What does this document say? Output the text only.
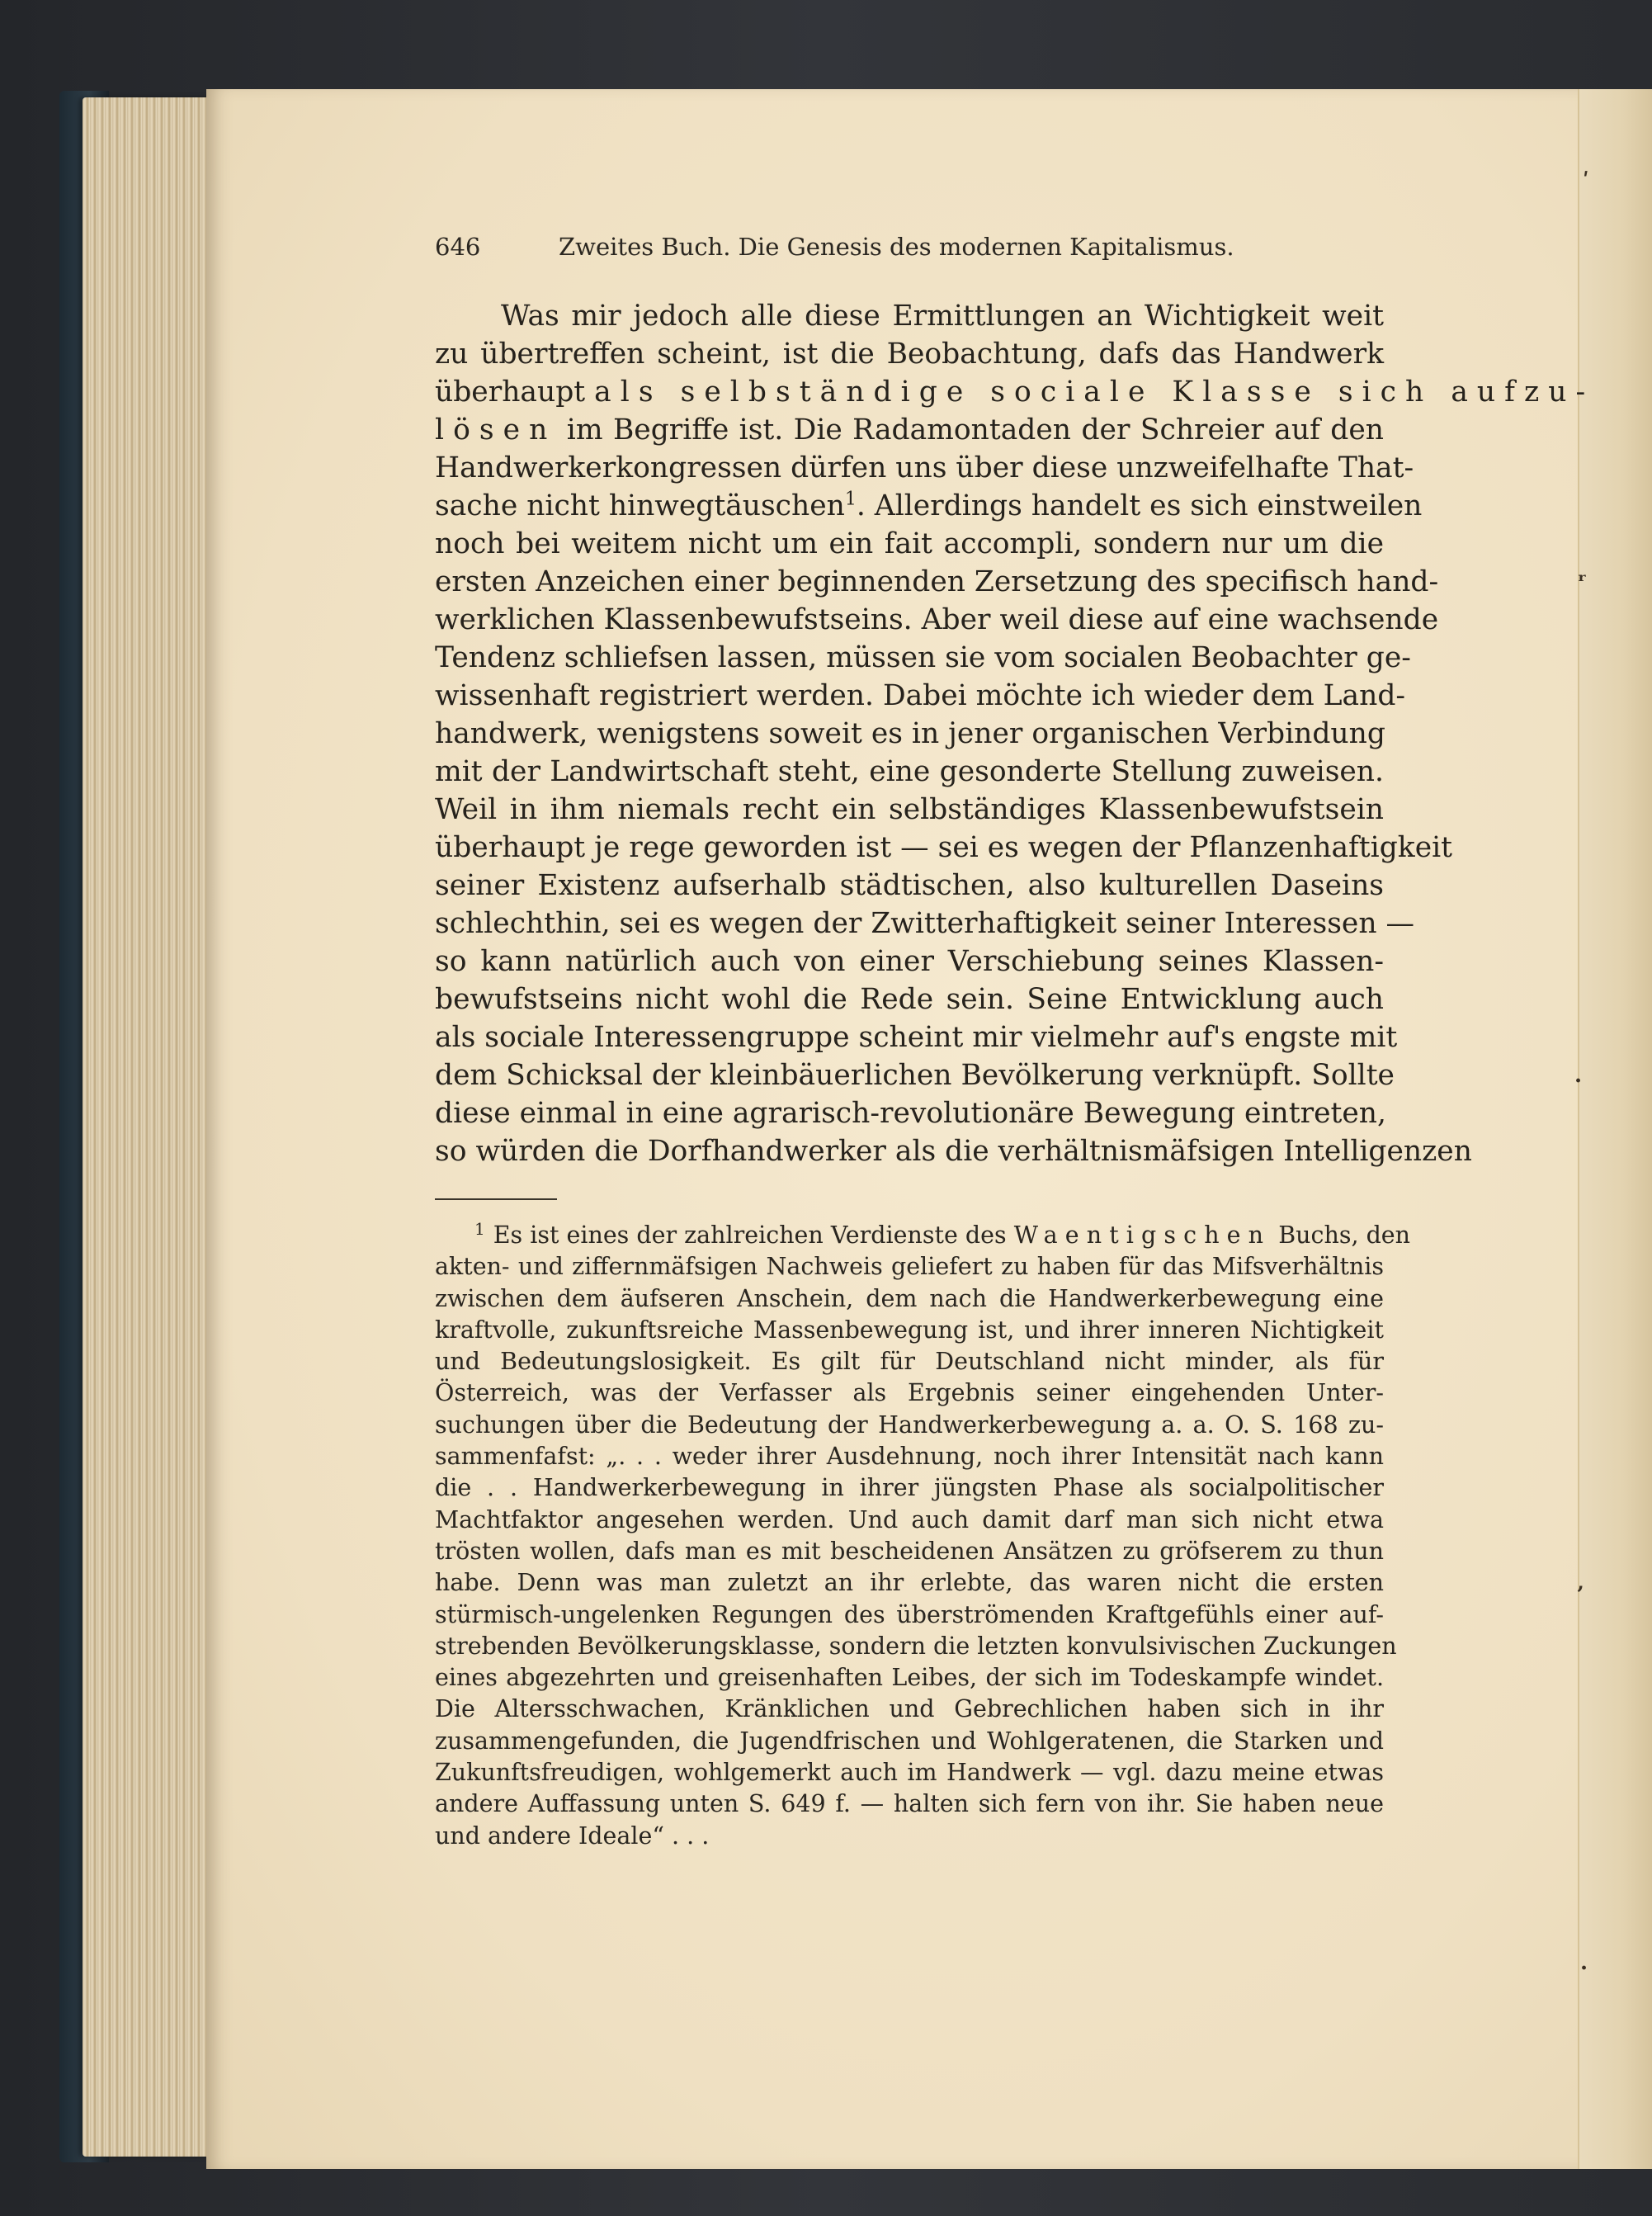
646	Zweites Buch. Die Genesis des modernen Kapitalismus.
Was mir jedoch alle diese Ermittlungen an Wichtigkeit weit
zu übertreffen scheint, ist die Beobachtung, dafs das Handwerk
überhaupt als selbständige sociale Klasse sich aufzu-
lösen im Begriffe ist. Die Radamontaden der Schreier auf den
Handwerkerkongressen dürfen uns über diese unzweifelhafte That-
sache nicht hinwegtäuschen$^1$. Allerdings handelt es sich einstweilen
noch bei weitem nicht um ein fait accompli, sondern nur um die
ersten Anzeichen einer beginnenden Zersetzung des specifisch hand-
werklichen Klassenbewufstseins. Aber weil diese auf eine wachsende
Tendenz schliefsen lassen, müssen sie vom socialen Beobachter ge-
wissenhaft registriert werden. Dabei möchte ich wieder dem Land-
handwerk, wenigstens soweit es in jener organischen Verbindung
mit der Landwirtschaft steht, eine gesonderte Stellung zuweisen.
Weil in ihm niemals recht ein selbständiges Klassenbewufstsein
überhaupt je rege geworden ist — sei es wegen der Pflanzenhaftigkeit
seiner Existenz aufserhalb städtischen, also kulturellen Daseins
schlechthin, sei es wegen der Zwitterhaftigkeit seiner Interessen —
so kann natürlich auch von einer Verschiebung seines Klassen-
bewufstseins nicht wohl die Rede sein. Seine Entwicklung auch
als sociale Interessengruppe scheint mir vielmehr auf's engste mit
dem Schicksal der kleinbäuerlichen Bevölkerung verknüpft. Sollte
diese einmal in eine agrarisch-revolutionäre Bewegung eintreten,
so würden die Dorfhandwerker als die verhältnismäfsigen Intelligenzen
$^1$ Es ist eines der zahlreichen Verdienste des Waentigschen Buchs, den
akten- und ziffernmäfsigen Nachweis geliefert zu haben für das Mifsverhältnis
zwischen dem äufseren Anschein, dem nach die Handwerkerbewegung eine
kraftvolle, zukunftsreiche Massenbewegung ist, und ihrer inneren Nichtigkeit
und Bedeutungslosigkeit. Es gilt für Deutschland nicht minder, als für
Österreich, was der Verfasser als Ergebnis seiner eingehenden Unter-
suchungen über die Bedeutung der Handwerkerbewegung a. a. O. S. 168 zu-
sammenfafst: „. . . weder ihrer Ausdehnung, noch ihrer Intensität nach kann
die . . Handwerkerbewegung in ihrer jüngsten Phase als socialpolitischer
Machtfaktor angesehen werden. Und auch damit darf man sich nicht etwa
trösten wollen, dafs man es mit bescheidenen Ansätzen zu gröfserem zu thun
habe. Denn was man zuletzt an ihr erlebte, das waren nicht die ersten
stürmisch-ungelenken Regungen des überströmenden Kraftgefühls einer auf-
strebenden Bevölkerungsklasse, sondern die letzten konvulsivischen Zuckungen
eines abgezehrten und greisenhaften Leibes, der sich im Todeskampfe windet.
Die Altersschwachen, Kränklichen und Gebrechlichen haben sich in ihr
zusammengefunden, die Jugendfrischen und Wohlgeratenen, die Starken und
Zukunftsfreudigen, wohlgemerkt auch im Handwerk — vgl. dazu meine etwas
andere Auffassung unten S. 649 f. — halten sich fern von ihr. Sie haben neue
und andere Ideale“ . . .
ʹ
ʳ
·
ʼ
·
